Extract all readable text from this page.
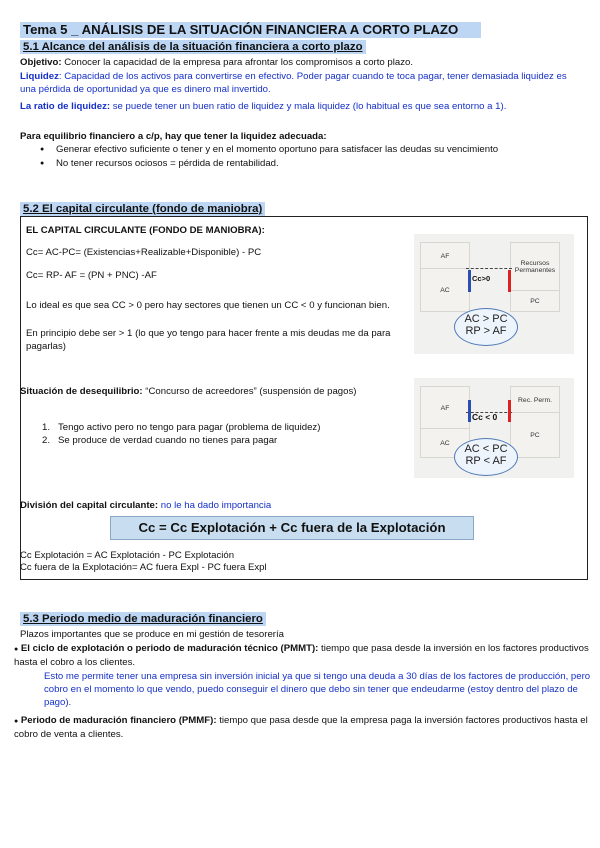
Tema 5 _ ANÁLISIS DE LA SITUACIÓN FINANCIERA A CORTO PLAZO
5.1 Alcance del análisis de la situación financiera a corto plazo
Objetivo: Conocer la capacidad de la empresa para afrontar los compromisos a corto plazo.
Liquidez: Capacidad de los activos para convertirse en efectivo. Poder pagar cuando te toca pagar, tener demasiada liquidez es una pérdida de oportunidad ya que es dinero mal invertido.
La ratio de liquidez: se puede tener un buen ratio de liquidez y mala liquidez (lo habitual es que sea entorno a 1).
Para equilibrio financiero a c/p, hay que tener la liquidez adecuada:
● Generar efectivo suficiente o tener y en el momento oportuno para satisfacer las deudas su vencimiento
● No tener recursos ociosos = pérdida de rentabilidad.
5.2 El capital circulante (fondo de maniobra)
EL CAPITAL CIRCULANTE (FONDO DE MANIOBRA):
Cc= AC-PC= (Existencias+Realizable+Disponible) - PC
Cc= RP- AF = (PN + PNC) -AF
Lo ideal es que sea CC > 0 pero hay sectores que tienen un CC < 0 y funcionan bien.
En principio debe ser > 1 (lo que yo tengo para hacer frente a mis deudas me da para pagarlas)
AF
AC
Recursos Permanentes
PC
Cc>0
AC > PC
RP > AF
Situación de desequilibrio: “Concurso de acreedores” (suspensión de pagos)
1.   Tengo activo pero no tengo para pagar (problema de liquidez)
2.   Se produce de verdad cuando no tienes para pagar
AF
AC
Rec. Perm.
PC
Cc < 0
AC < PC
RP < AF
División del capital circulante: no le ha dado importancia
Cc = Cc Explotación + Cc fuera de la Explotación
Cc Explotación = AC Explotación - PC Explotación
Cc fuera de la Explotación= AC fuera Expl - PC fuera Expl
5.3 Periodo medio de maduración financiero
Plazos importantes que se produce en mi gestión de tesorería
● El ciclo de explotación o periodo de maduración técnico (PMMT): tiempo que pasa desde la inversión en los factores productivos hasta el cobro a los clientes.
Esto me permite tener una empresa sin inversión inicial ya que si tengo una deuda a 30 días de los factores de producción, pero cobro en el momento lo que vendo, puedo conseguir el dinero que debo sin tener que endeudarme (estoy dentro del plazo de pago).
● Periodo de maduración financiero (PMMF): tiempo que pasa desde que la empresa paga la inversión factores productivos hasta el cobro de venta a clientes.
